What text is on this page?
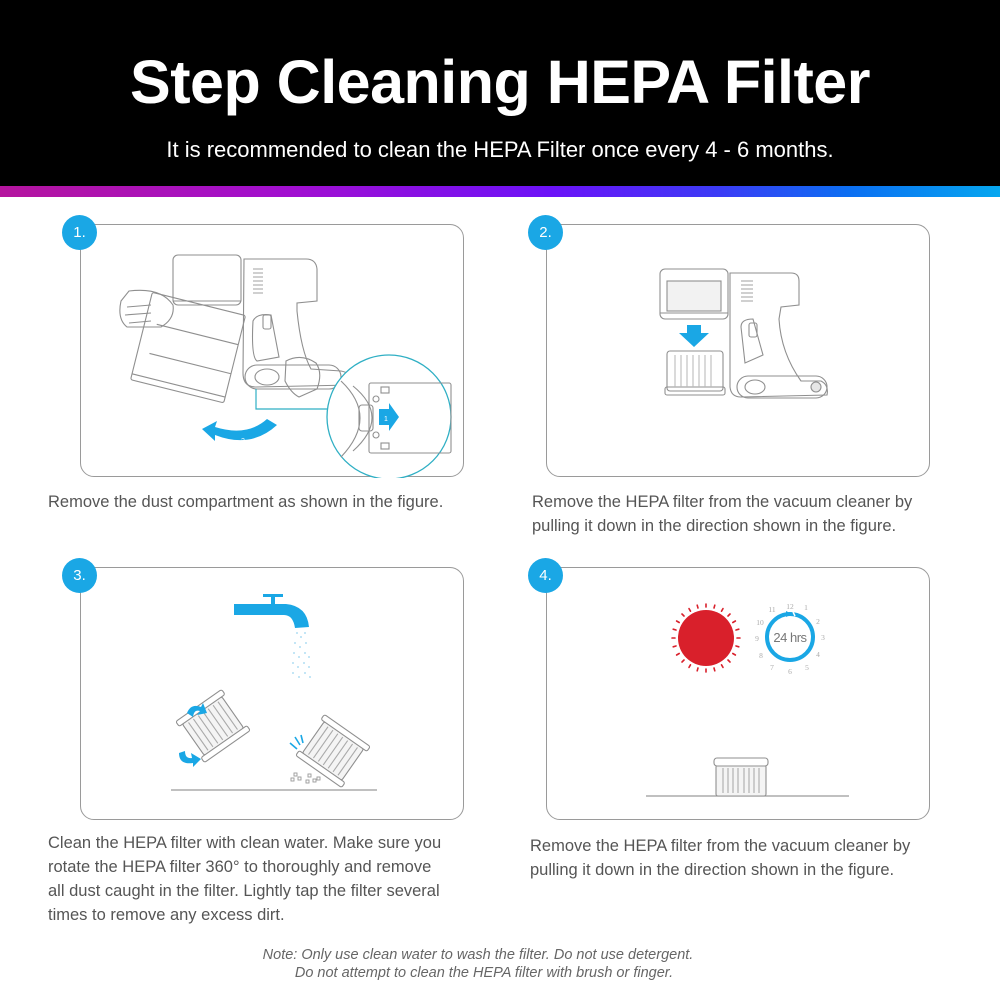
Step Cleaning HEPA Filter
It is recommended to clean the HEPA Filter once every 4 - 6 months.
1
2
1.
Remove the dust compartment as shown in the figure.
2.
Remove the HEPA filter from the vacuum cleaner by
pulling it down in the direction shown in the figure.
3.
Clean the HEPA filter with clean water. Make sure you
rotate the HEPA filter 360° to thoroughly and remove
all dust caught in the filter. Lightly tap the filter several
times to remove any excess dirt.
24 hrs
12 1
2
3
4
5
6
7
8
9
10
11
4.
Remove the HEPA filter from the vacuum cleaner by
pulling it down in the direction shown in the figure.
Note: Only use clean water to wash the filter. Do not use detergent.
Do not attempt to clean the HEPA filter with brush or finger.
